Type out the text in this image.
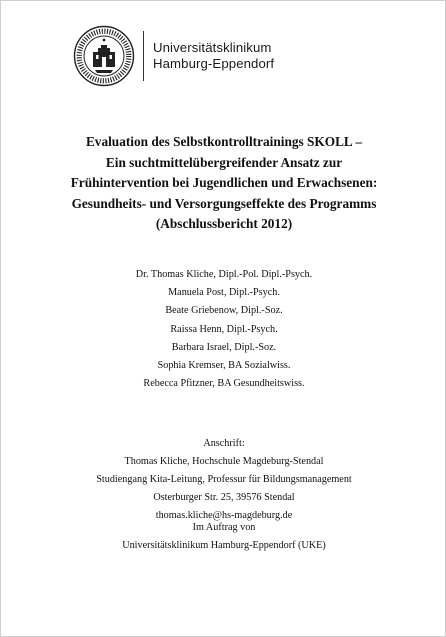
Universitätsklinikum
Hamburg-Eppendorf
Evaluation des Selbstkontrolltrainings SKOLL –
Ein suchtmittelübergreifender Ansatz zur
Frühintervention bei Jugendlichen und Erwachsenen:
Gesundheits- und Versorgungseffekte des Programms
(Abschlussbericht 2012)
Dr. Thomas Kliche, Dipl.-Pol. Dipl.-Psych.
Manuela Post, Dipl.-Psych.
Beate Griebenow, Dipl.-Soz.
Raissa Henn, Dipl.-Psych.
Barbara Israel, Dipl.-Soz.
Sophia Kremser, BA Sozialwiss.
Rebecca Pfitzner, BA Gesundheitswiss.
Anschrift:
Thomas Kliche, Hochschule Magdeburg-Stendal
Studiengang Kita-Leitung, Professur für Bildungsmanagement
Osterburger Str. 25, 39576 Stendal
thomas.kliche@hs-magdeburg.de
Im Auftrag von
Universitätsklinikum Hamburg-Eppendorf (UKE)
